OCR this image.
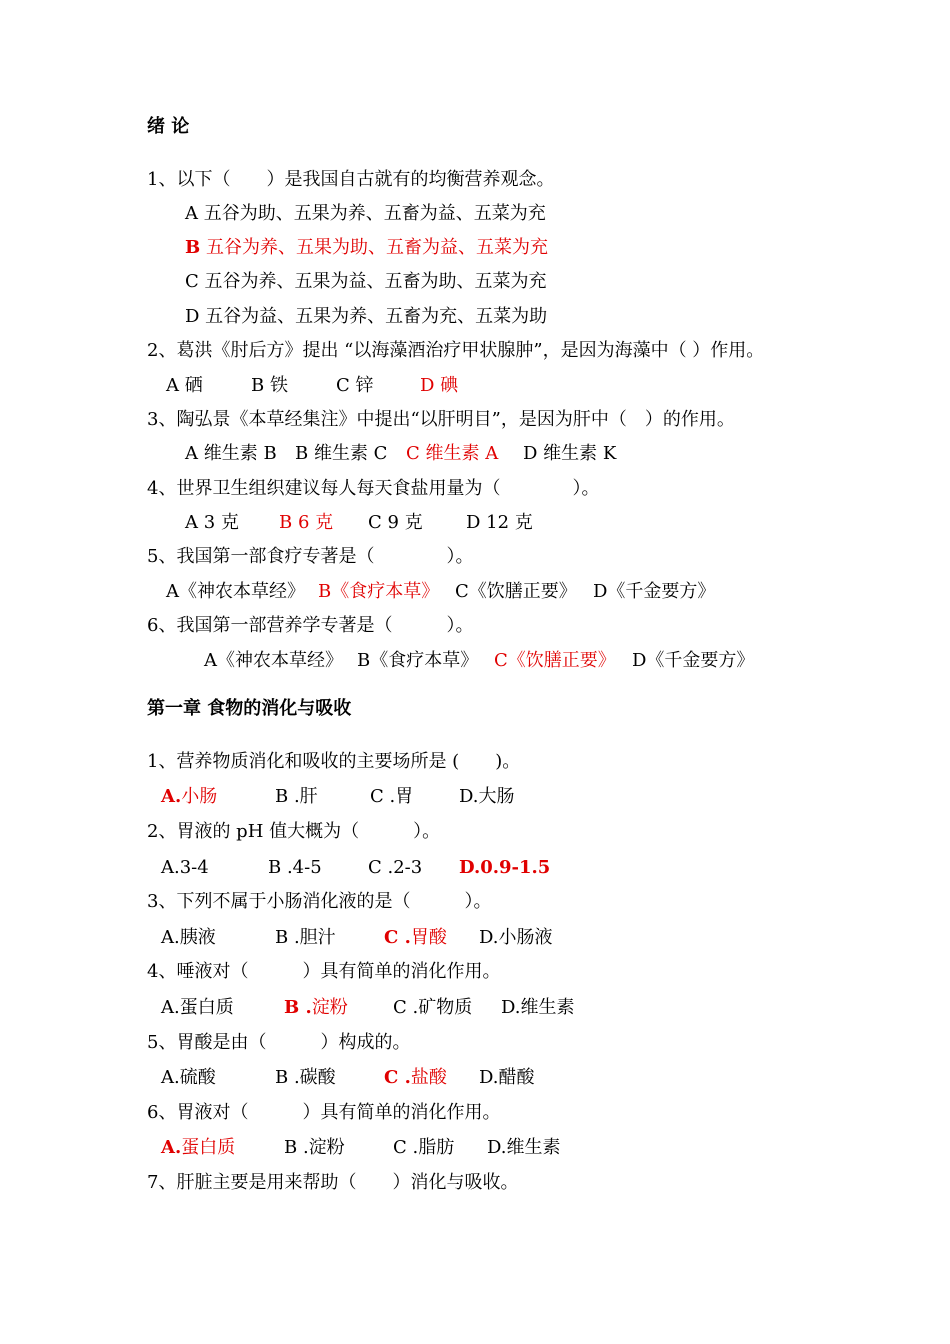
绪 论
1、以下（　　）是我国自古就有的均衡营养观念。
A 五谷为助、五果为养、五畜为益、五菜为充
B 五谷为养、五果为助、五畜为益、五菜为充
C 五谷为养、五果为益、五畜为助、五菜为充
D 五谷为益、五果为养、五畜为充、五菜为助
2、葛洪《肘后方》提出 “以海藻酒治疗甲状腺肿”，是因为海藻中（ ）作用。
A 硒	B 铁	C 锌	D 碘
3、陶弘景《本草经集注》中提出“以肝明目”，是因为肝中（　）的作用。
A 维生素 B B 维生素 C C 维生素 A D 维生素 K
4、世界卫生组织建议每人每天食盐用量为（　　　　）。
A 3 克 B 6 克 C 9 克 D 12 克
5、我国第一部食疗专著是（　　　　）。
A《神农本草经》 B《食疗本草》 C《饮膳正要》 D《千金要方》
6、我国第一部营养学专著是（　　　）。
A《神农本草经》 B《食疗本草》 C《饮膳正要》 D《千金要方》
第一章 食物的消化与吸收
1、营养物质消化和吸收的主要场所是 (　　)。
A.小肠	B .肝	C .胃	D.大肠
2、胃液的 pH 值大概为（　　　）。
A.3-4	B .4-5	C .2-3 D.0.9-1.5
3、下列不属于小肠消化液的是（　　　）。
A.胰液	B .胆汁	C .胃酸 D.小肠液
4、唾液对（　　　）具有简单的消化作用。
A.蛋白质	B .淀粉	C .矿物质 D.维生素
5、胃酸是由（　　　）构成的。
A.硫酸	B .碳酸	C .盐酸 D.醋酸
6、胃液对（　　　）具有简单的消化作用。
A.蛋白质	B .淀粉	C .脂肪 D.维生素
7、肝脏主要是用来帮助（　　）消化与吸收。
